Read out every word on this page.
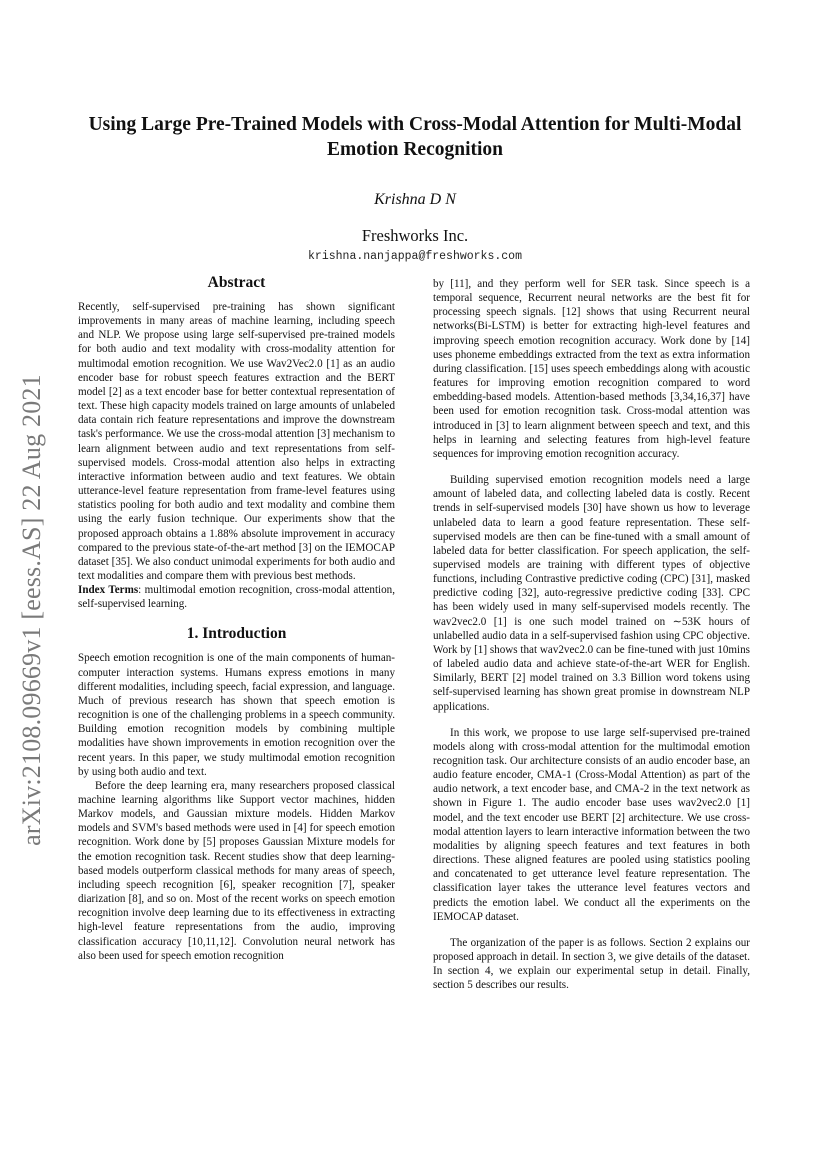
arXiv:2108.09669v1 [eess.AS] 22 Aug 2021
Using Large Pre-Trained Models with Cross-Modal Attention for Multi-Modal Emotion Recognition
Krishna D N
Freshworks Inc.
krishna.nanjappa@freshworks.com
Abstract

Recently, self-supervised pre-training has shown significant improvements in many areas of machine learning, including speech and NLP. We propose using large self-supervised pre-trained models for both audio and text modality with cross-modality attention for multimodal emotion recognition. We use Wav2Vec2.0 [1] as an audio encoder base for robust speech features extraction and the BERT model [2] as a text encoder base for better contextual representation of text. These high capacity models trained on large amounts of unlabeled data contain rich feature representations and improve the downstream task's performance. We use the cross-modal attention [3] mechanism to learn alignment between audio and text representations from self-supervised models. Cross-modal attention also helps in extracting interactive information between audio and text features. We obtain utterance-level feature representation from frame-level features using statistics pooling for both audio and text modality and combine them using the early fusion technique. Our experiments show that the proposed approach obtains a 1.88% absolute improvement in accuracy compared to the previous state-of-the-art method [3] on the IEMOCAP dataset [35]. We also conduct unimodal experiments for both audio and text modalities and compare them with previous best methods.

Index Terms: multimodal emotion recognition, cross-modal attention, self-supervised learning.

1. Introduction

Speech emotion recognition is one of the main components of human-computer interaction systems. Humans express emotions in many different modalities, including speech, facial expression, and language. Much of previous research has shown that speech emotion is recognition is one of the challenging problems in a speech community. Building emotion recognition models by combining multiple modalities have shown improvements in emotion recognition over the recent years. In this paper, we study multimodal emotion recognition by using both audio and text.

Before the deep learning era, many researchers proposed classical machine learning algorithms like Support vector machines, hidden Markov models, and Gaussian mixture models. Hidden Markov models and SVM's based methods were used in [4] for speech emotion recognition. Work done by [5] proposes Gaussian Mixture models for the emotion recognition task. Recent studies show that deep learning-based models outperform classical methods for many areas of speech, including speech recognition [6], speaker recognition [7], speaker diarization [8], and so on. Most of the recent works on speech emotion recognition involve deep learning due to its effectiveness in extracting high-level feature representations from the audio, improving classification accuracy [10,11,12]. Convolution neural network has also been used for speech emotion recognition

by [11], and they perform well for SER task. Since speech is a temporal sequence, Recurrent neural networks are the best fit for processing speech signals. [12] shows that using Recurrent neural networks(Bi-LSTM) is better for extracting high-level features and improving speech emotion recognition accuracy. Work done by [14] uses phoneme embeddings extracted from the text as extra information during classification. [15] uses speech embeddings along with acoustic features for improving emotion recognition compared to word embedding-based models. Attention-based methods [3,34,16,37] have been used for emotion recognition task. Cross-modal attention was introduced in [3] to learn alignment between speech and text, and this helps in learning and selecting features from high-level feature sequences for improving emotion recognition accuracy.

Building supervised emotion recognition models need a large amount of labeled data, and collecting labeled data is costly. Recent trends in self-supervised models [30] have shown us how to leverage unlabeled data to learn a good feature representation. These self-supervised models are then can be fine-tuned with a small amount of labeled data for better classification. For speech application, the self-supervised models are training with different types of objective functions, including Contrastive predictive coding (CPC) [31], masked predictive coding [32], auto-regressive predictive coding [33]. CPC has been widely used in many self-supervised models recently. The wav2vec2.0 [1] is one such model trained on ∼53K hours of unlabelled audio data in a self-supervised fashion using CPC objective. Work by [1] shows that wav2vec2.0 can be fine-tuned with just 10mins of labeled audio data and achieve state-of-the-art WER for English. Similarly, BERT [2] model trained on 3.3 Billion word tokens using self-supervised learning has shown great promise in downstream NLP applications.

In this work, we propose to use large self-supervised pre-trained models along with cross-modal attention for the multimodal emotion recognition task. Our architecture consists of an audio encoder base, an audio feature encoder, CMA-1 (Cross-Modal Attention) as part of the audio network, a text encoder base, and CMA-2 in the text network as shown in Figure 1. The audio encoder base uses wav2vec2.0 [1] model, and the text encoder use BERT [2] architecture. We use cross-modal attention layers to learn interactive information between the two modalities by aligning speech features and text features in both directions. These aligned features are pooled using statistics pooling and concatenated to get utterance level feature representation. The classification layer takes the utterance level features vectors and predicts the emotion label. We conduct all the experiments on the IEMOCAP dataset.

The organization of the paper is as follows. Section 2 explains our proposed approach in detail. In section 3, we give details of the dataset. In section 4, we explain our experimental setup in detail. Finally, section 5 describes our results.
